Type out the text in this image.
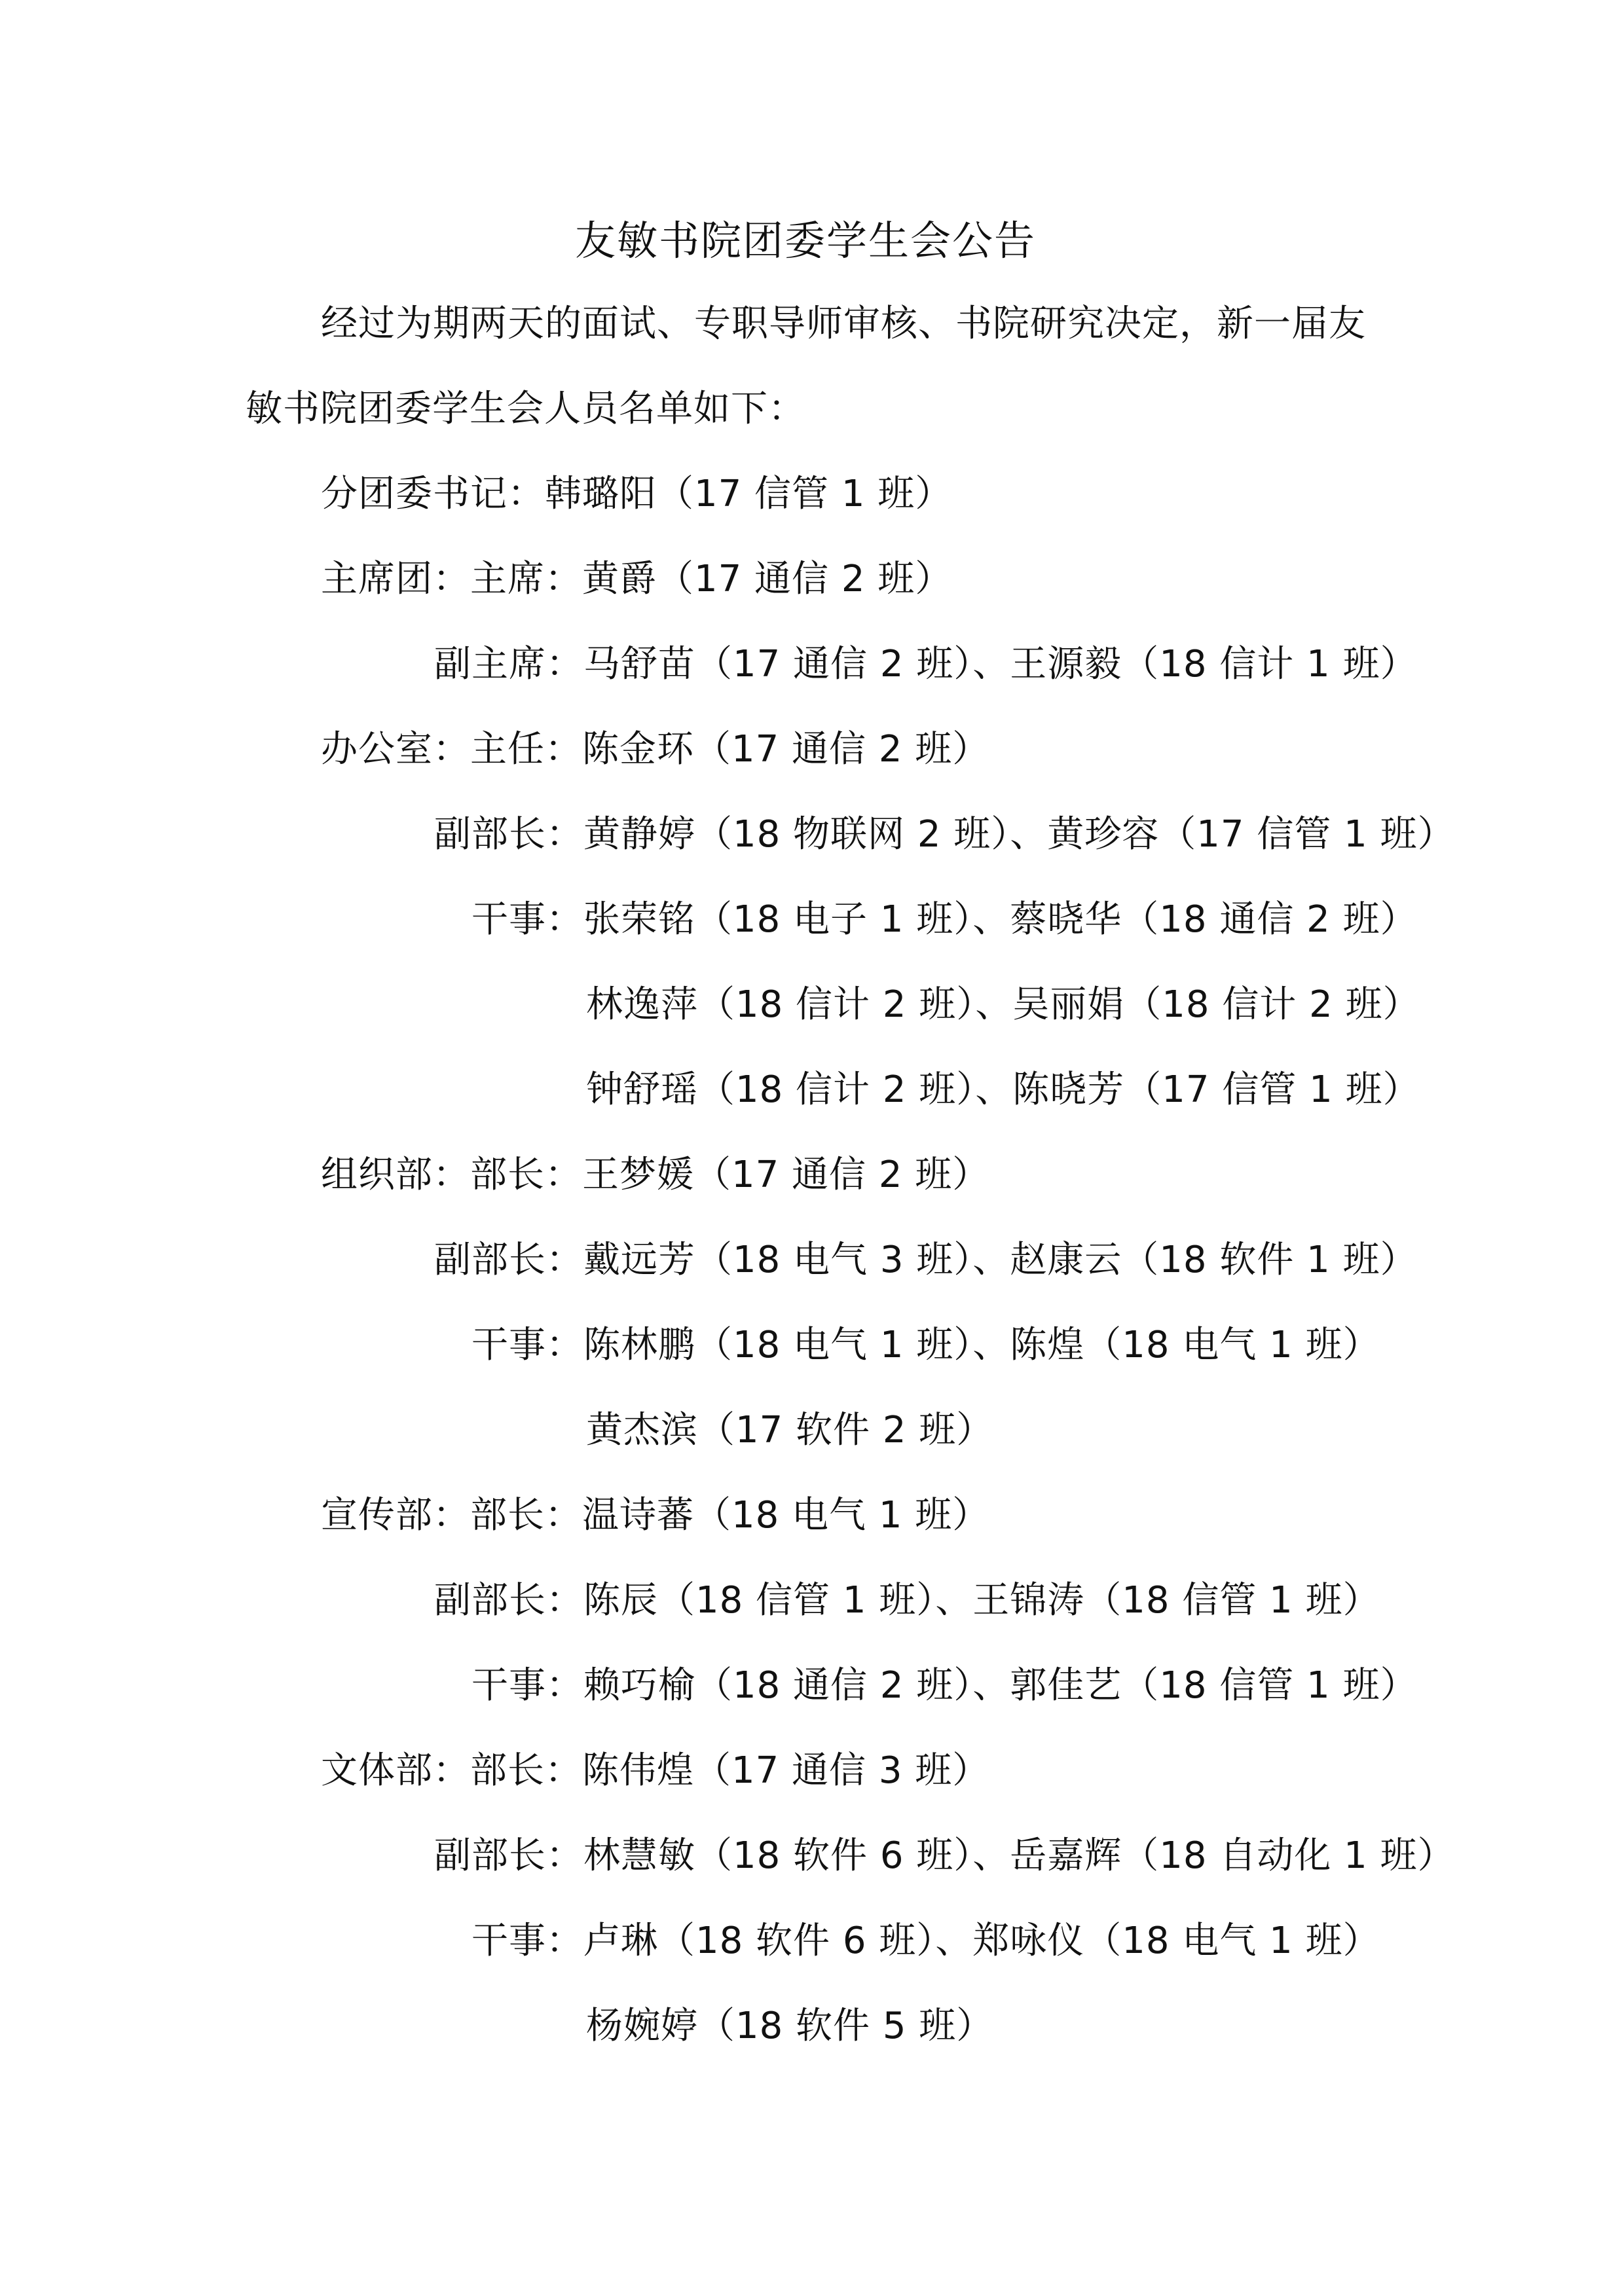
友敏书院团委学生会公告
经过为期两天的面试、专职导师审核、书院研究决定，新一届友
敏书院团委学生会人员名单如下：
分团委书记：韩璐阳（17 信管 1 班）
主席团：主席：黄爵（17 通信 2 班）
副主席：马舒苗（17 通信 2 班）、王源毅（18 信计 1 班）
办公室：主任：陈金环（17 通信 2 班）
副部长：黄静婷（18 物联网 2 班）、黄珍容（17 信管 1 班）
干事：张荣铭（18 电子 1 班）、蔡晓华（18 通信 2 班）
林逸萍（18 信计 2 班）、吴丽娟（18 信计 2 班）
钟舒瑶（18 信计 2 班）、陈晓芳（17 信管 1 班）
组织部：部长：王梦媛（17 通信 2 班）
副部长：戴远芳（18 电气 3 班）、赵康云（18 软件 1 班）
干事：陈林鹏（18 电气 1 班）、陈煌（18 电气 1 班）
黄杰滨（17 软件 2 班）
宣传部：部长：温诗蕃（18 电气 1 班）
副部长：陈辰（18 信管 1 班）、王锦涛（18 信管 1 班）
干事：赖巧榆（18 通信 2 班）、郭佳艺（18 信管 1 班）
文体部：部长：陈伟煌（17 通信 3 班）
副部长：林慧敏（18 软件 6 班）、岳嘉辉（18 自动化 1 班）
干事：卢琳（18 软件 6 班）、郑咏仪（18 电气 1 班）
杨婉婷（18 软件 5 班）
